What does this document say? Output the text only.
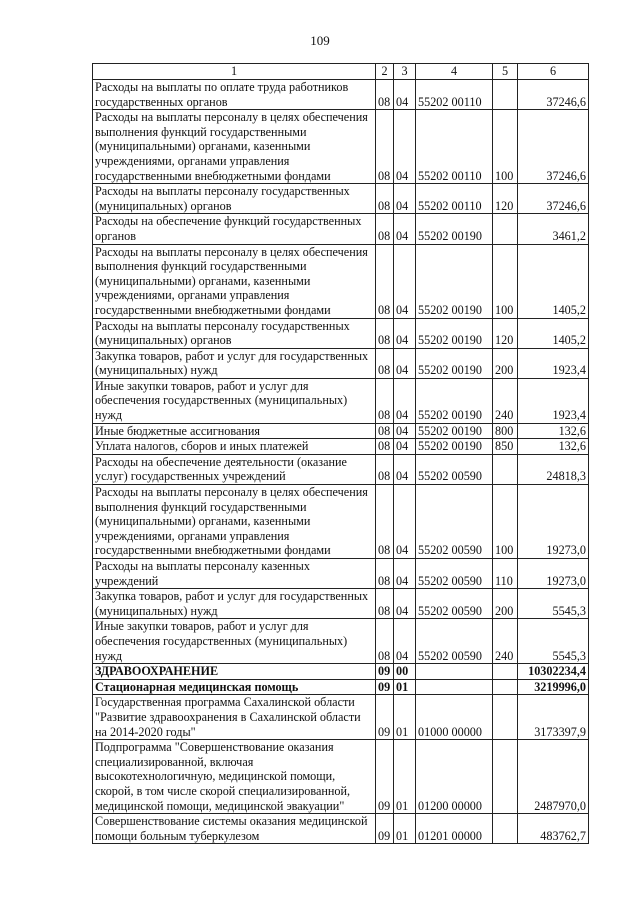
109
1	2	3	4	5	6
Расходы на выплаты по оплате труда работников государственных органов	08	04	55202 00110		37246,6
Расходы на выплаты персоналу в целях обеспечения выполнения функций государственными (муниципальными) органами, казенными учреждениями, органами управления государственными внебюджетными фондами	08	04	55202 00110	100	37246,6
Расходы на выплаты персоналу государственных (муниципальных) органов	08	04	55202 00110	120	37246,6
Расходы на обеспечение функций государственных органов	08	04	55202 00190		3461,2
Расходы на выплаты персоналу в целях обеспечения выполнения функций государственными (муниципальными) органами, казенными учреждениями, органами управления государственными внебюджетными фондами	08	04	55202 00190	100	1405,2
Расходы на выплаты персоналу государственных (муниципальных) органов	08	04	55202 00190	120	1405,2
Закупка товаров, работ и услуг для государственных (муниципальных) нужд	08	04	55202 00190	200	1923,4
Иные закупки товаров, работ и услуг для обеспечения государственных (муниципальных) нужд	08	04	55202 00190	240	1923,4
Иные бюджетные ассигнования	08	04	55202 00190	800	132,6
Уплата налогов, сборов и иных платежей	08	04	55202 00190	850	132,6
Расходы на обеспечение деятельности (оказание услуг) государственных учреждений	08	04	55202 00590		24818,3
Расходы на выплаты персоналу в целях обеспечения выполнения функций государственными (муниципальными) органами, казенными учреждениями, органами управления государственными внебюджетными фондами	08	04	55202 00590	100	19273,0
Расходы на выплаты персоналу казенных учреждений	08	04	55202 00590	110	19273,0
Закупка товаров, работ и услуг для государственных (муниципальных) нужд	08	04	55202 00590	200	5545,3
Иные закупки товаров, работ и услуг для обеспечения государственных (муниципальных) нужд	08	04	55202 00590	240	5545,3
ЗДРАВООХРАНЕНИЕ	09	00			10302234,4
Стационарная медицинская помощь	09	01			3219996,0
Государственная программа Сахалинской области "Развитие здравоохранения в Сахалинской области на 2014-2020 годы"	09	01	01000 00000		3173397,9
Подпрограмма "Совершенствование оказания специализированной, включая высокотехнологичную, медицинской помощи, скорой, в том числе скорой специализированной, медицинской помощи, медицинской эвакуации"	09	01	01200 00000		2487970,0
Совершенствование системы оказания медицинской помощи больным туберкулезом	09	01	01201 00000		483762,7
